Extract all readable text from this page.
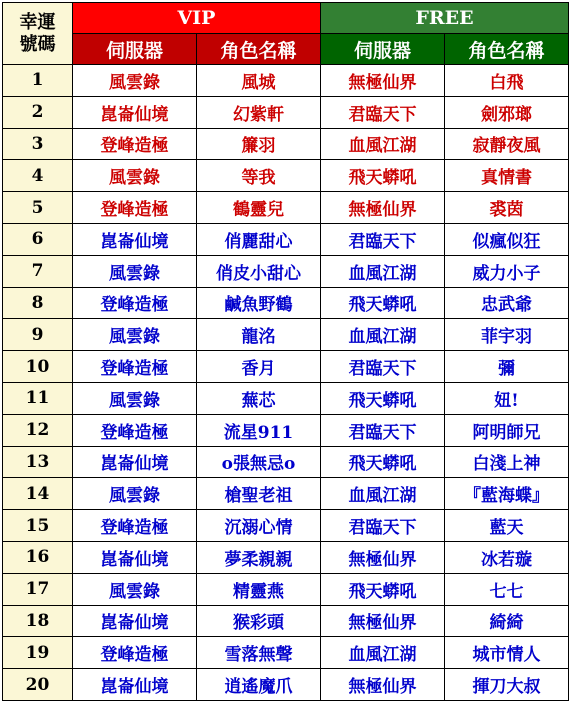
幸運
號碼	VIP		FREE	
	伺服器	角色名稱	伺服器	角色名稱
1	風雲錄	風城	無極仙界	白飛
2	崑崙仙境	幻紫軒	君臨天下	劍邪瑯
3	登峰造極	簾羽	血風江湖	寂靜夜風
4	風雲錄	等我	飛天蟒吼	真情書
5	登峰造極	鶴靈兒	無極仙界	裘茵
6	崑崙仙境	俏麗甜心	君臨天下	似瘋似狂
7	風雲錄	俏皮小甜心	血風江湖	威力小子
8	登峰造極	鹹魚野鶴	飛天蟒吼	忠武爺
9	風雲錄	龍洺	血風江湖	菲宇羽
10	登峰造極	香月	君臨天下	彌
11	風雲錄	蕪芯	飛天蟒吼	妞!
12	登峰造極	流星911	君臨天下	阿明師兄
13	崑崙仙境	o張無忌o	飛天蟒吼	白淺上神
14	風雲錄	槍聖老祖	血風江湖	『藍海蝶』
15	登峰造極	沉溺心情	君臨天下	藍天
16	崑崙仙境	夢柔親親	無極仙界	冰若璇
17	風雲錄	精靈燕	飛天蟒吼	七七
18	崑崙仙境	猴彩頭	無極仙界	綺綺
19	登峰造極	雪落無聲	血風江湖	城市情人
20	崑崙仙境	逍遙魔爪	無極仙界	揮刀大叔
